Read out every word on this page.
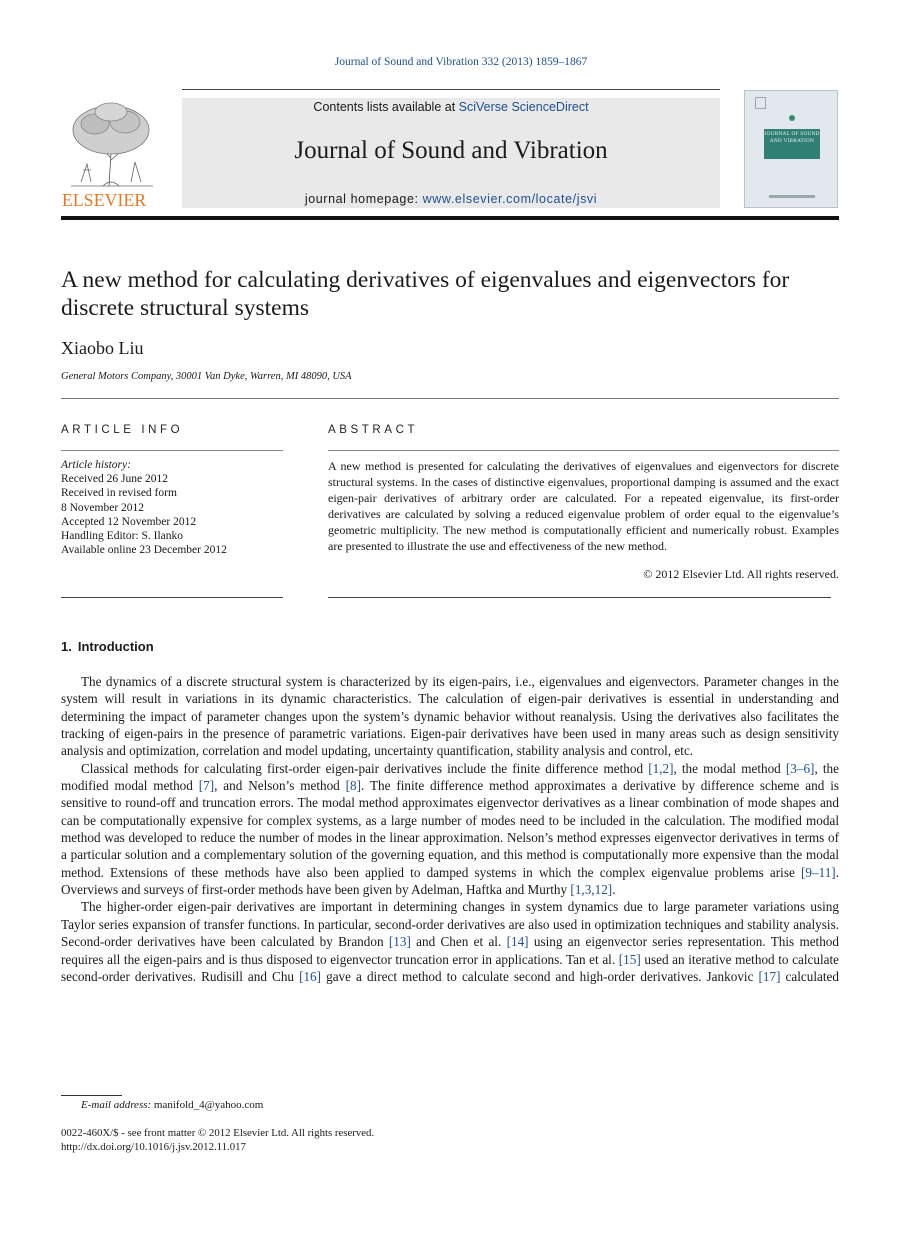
Journal of Sound and Vibration 332 (2013) 1859–1867
ELSEVIER
Contents lists available at SciVerse ScienceDirect
Journal of Sound and Vibration
journal homepage: www.elsevier.com/locate/jsvi
JOURNAL OF SOUND AND VIBRATION
A new method for calculating derivatives of eigenvalues and eigenvectors for discrete structural systems
Xiaobo Liu
General Motors Company, 30001 Van Dyke, Warren, MI 48090, USA
ARTICLE INFO	ABSTRACT
Article history:
Received 26 June 2012
Received in revised form
8 November 2012
Accepted 12 November 2012
Handling Editor: S. Ilanko
Available online 23 December 2012
A new method is presented for calculating the derivatives of eigenvalues and eigenvectors for discrete structural systems. In the cases of distinctive eigenvalues, proportional damping is assumed and the exact eigen-pair derivatives of arbitrary order are calculated. For a repeated eigenvalue, its first-order derivatives are calculated by solving a reduced eigenvalue problem of order equal to the eigenvalue’s geometric multiplicity. The new method is computationally efficient and numerically robust. Examples are presented to illustrate the use and effectiveness of the new method.
© 2012 Elsevier Ltd. All rights reserved.
1. Introduction

The dynamics of a discrete structural system is characterized by its eigen-pairs, i.e., eigenvalues and eigenvectors. Parameter changes in the system will result in variations in its dynamic characteristics. The calculation of eigen-pair derivatives is essential in understanding and determining the impact of parameter changes upon the system’s dynamic behavior without reanalysis. Using the derivatives also facilitates the tracking of eigen-pairs in the presence of parametric variations. Eigen-pair derivatives have been used in many areas such as design sensitivity analysis and optimization, correlation and model updating, uncertainty quantification, stability analysis and control, etc.

Classical methods for calculating first-order eigen-pair derivatives include the finite difference method [1,2], the modal method [3–6], the modified modal method [7], and Nelson’s method [8]. The finite difference method approximates a derivative by difference scheme and is sensitive to round-off and truncation errors. The modal method approximates eigenvector derivatives as a linear combination of mode shapes and can be computationally expensive for complex systems, as a large number of modes need to be included in the calculation. The modified modal method was developed to reduce the number of modes in the linear approximation. Nelson’s method expresses eigenvector derivatives in terms of a particular solution and a complementary solution of the governing equation, and this method is computationally more expensive than the modal method. Extensions of these methods have also been applied to damped systems in which the complex eigenvalue problems arise [9–11]. Overviews and surveys of first-order methods have been given by Adelman, Haftka and Murthy [1,3,12].

The higher-order eigen-pair derivatives are important in determining changes in system dynamics due to large parameter variations using Taylor series expansion of transfer functions. In particular, second-order derivatives are also used in optimization techniques and stability analysis. Second-order derivatives have been calculated by Brandon [13] and Chen et al. [14] using an eigenvector series representation. This method requires all the eigen-pairs and is thus disposed to eigenvector truncation error in applications. Tan et al. [15] used an iterative method to calculate second-order derivatives. Rudisill and Chu [16] gave a direct method to calculate second and high-order derivatives. Jankovic [17] calculated

E-mail address: manifold_4@yahoo.com
0022-460X/$ - see front matter © 2012 Elsevier Ltd. All rights reserved.
http://dx.doi.org/10.1016/j.jsv.2012.11.017
